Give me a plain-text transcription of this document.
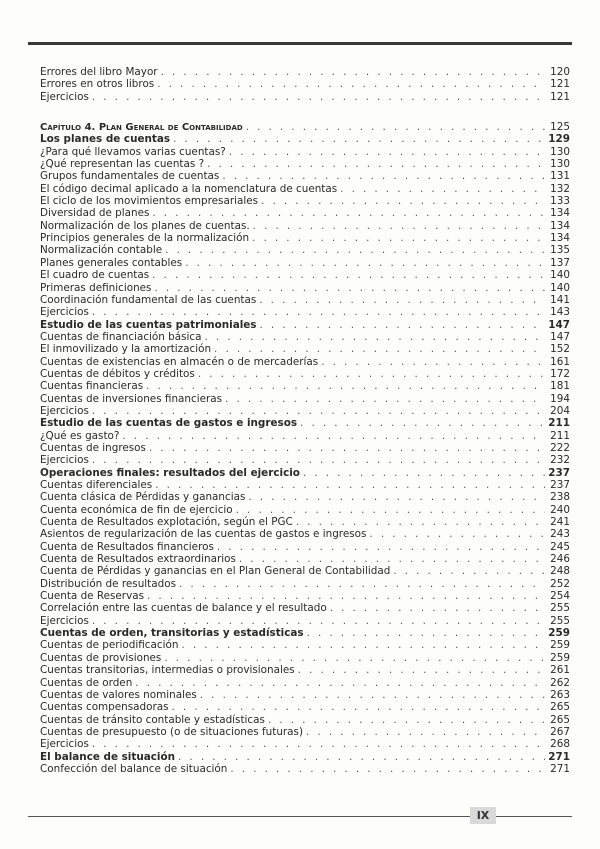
Errores del libro Mayor . . .	120
Errores en otros libros . . .	121
Ejercicios . . .	121
Capítulo 4. Plan General de Contabilidad . . .	125
Los planes de cuentas . . .	129
¿Para qué llevamos varias cuentas? . . .	130
¿Qué representan las cuentas ? . . .	130
Grupos fundamentales de cuentas . . .	131
El código decimal aplicado a la nomenclatura de cuentas . . .	132
El ciclo de los movimientos empresariales . . .	133
Diversidad de planes . . .	134
Normalización de los planes de cuentas. . . .	134
Principios generales de la normalización . . .	134
Normalización contable . . .	135
Planes generales contables . . .	137
El cuadro de cuentas . . .	140
Primeras definiciones . . .	140
Coordinación fundamental de las cuentas . . .	141
Ejercicios . . .	143
Estudio de las cuentas patrimoniales . . .	147
Cuentas de financiación básica . . .	147
El inmovilizado y la amortización . . .	152
Cuentas de existencias en almacén o de mercaderías . . .	161
Cuentas de débitos y créditos . . .	172
Cuentas financieras . . .	181
Cuentas de inversiones financieras . . .	194
Ejercicios . . .	204
Estudio de las cuentas de gastos e ingresos . . .	211
¿Qué es gasto? . . .	211
Cuentas de ingresos . . .	222
Ejercicios . . .	232
Operaciones finales: resultados del ejercicio . . .	237
Cuentas diferenciales . . .	237
Cuenta clásica de Pérdidas y ganancias . . .	238
Cuenta económica de fin de ejercicio . . .	240
Cuenta de Resultados explotación, según el PGC . . .	241
Asientos de regularización de las cuentas de gastos e ingresos . . .	243
Cuenta de Resultados financieros . . .	245
Cuenta de Resultados extraordinarios . . .	246
Cuenta de Pérdidas y ganancias en el Plan General de Contabilidad . . .	248
Distribución de resultados . . .	252
Cuenta de Reservas . . .	254
Correlación entre las cuentas de balance y el resultado . . .	255
Ejercicios . . .	255
Cuentas de orden, transitorias y estadísticas . . .	259
Cuentas de periodificación . . .	259
Cuentas de provisiones . . .	259
Cuentas transitorias, intermedias o provisionales . . .	261
Cuentas de orden . . .	262
Cuentas de valores nominales . . .	263
Cuentas compensadoras . . .	265
Cuentas de tránsito contable y estadísticas . . .	265
Cuentas de presupuesto (o de situaciones futuras) . . .	267
Ejercicios . . .	268
El balance de situación . . .	271
Confección del balance de situación . . .	271
IX
